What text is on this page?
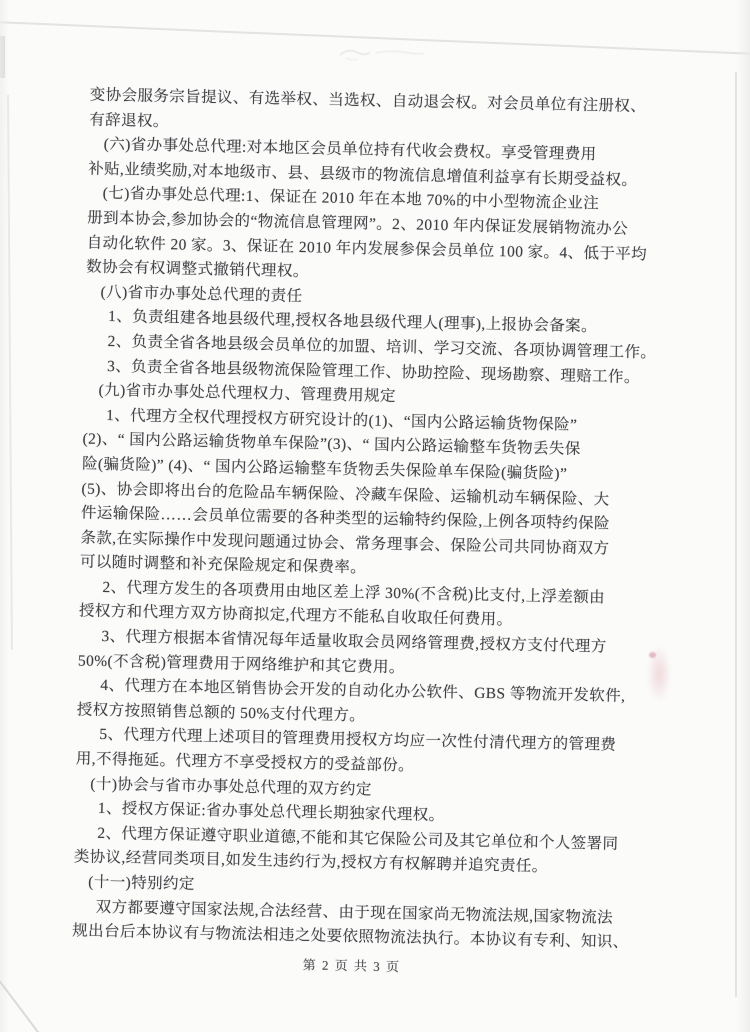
变协会服务宗旨提议、有选举权、当选权、自动退会权。对会员单位有注册权、
有辞退权。
(六)省办事处总代理:对本地区会员单位持有代收会费权。享受管理费用
补贴,业绩奖励,对本地级市、县、县级市的物流信息增值利益享有长期受益权。
(七)省办事处总代理:1、保证在 2010 年在本地 70%的中小型物流企业注
册到本协会,参加协会的“物流信息管理网”。2、2010 年内保证发展销物流办公
自动化软件 20 家。3、保证在 2010 年内发展参保会员单位 100 家。4、低于平均
数协会有权调整式撤销代理权。
(八)省市办事处总代理的责任
1、负责组建各地县级代理,授权各地县级代理人(理事),上报协会备案。
2、负责全省各地县级会员单位的加盟、培训、学习交流、各项协调管理工作。
3、负责全省各地县级物流保险管理工作、协助控险、现场勘察、理赔工作。
(九)省市办事处总代理权力、管理费用规定
1、代理方全权代理授权方研究设计的(1)、“国内公路运输货物保险”
(2)、“ 国内公路运输货物单车保险”(3)、“ 国内公路运输整车货物丢失保
险(骗货险)” (4)、“ 国内公路运输整车货物丢失保险单车保险(骗货险)”
(5)、协会即将出台的危险品车辆保险、冷藏车保险、运输机动车辆保险、大
件运输保险……会员单位需要的各种类型的运输特约保险,上例各项特约保险
条款,在实际操作中发现问题通过协会、常务理事会、保险公司共同协商双方
可以随时调整和补充保险规定和保费率。
2、代理方发生的各项费用由地区差上浮 30%(不含税)比支付,上浮差额由
授权方和代理方双方协商拟定,代理方不能私自收取任何费用。
3、代理方根据本省情况每年适量收取会员网络管理费,授权方支付代理方
50%(不含税)管理费用于网络维护和其它费用。
4、代理方在本地区销售协会开发的自动化办公软件、GBS 等物流开发软件,
授权方按照销售总额的 50%支付代理方。
5、代理方代理上述项目的管理费用授权方均应一次性付清代理方的管理费
用,不得拖延。代理方不享受授权方的受益部份。
(十)协会与省市办事处总代理的双方约定
1、授权方保证:省办事处总代理长期独家代理权。
2、代理方保证遵守职业道德,不能和其它保险公司及其它单位和个人签署同
类协议,经营同类项目,如发生违约行为,授权方有权解聘并追究责任。
(十一)特别约定
双方都要遵守国家法规,合法经营、由于现在国家尚无物流法规,国家物流法
规出台后本协议有与物流法相违之处要依照物流法执行。本协议有专利、知识、
第 2 页 共 3 页
